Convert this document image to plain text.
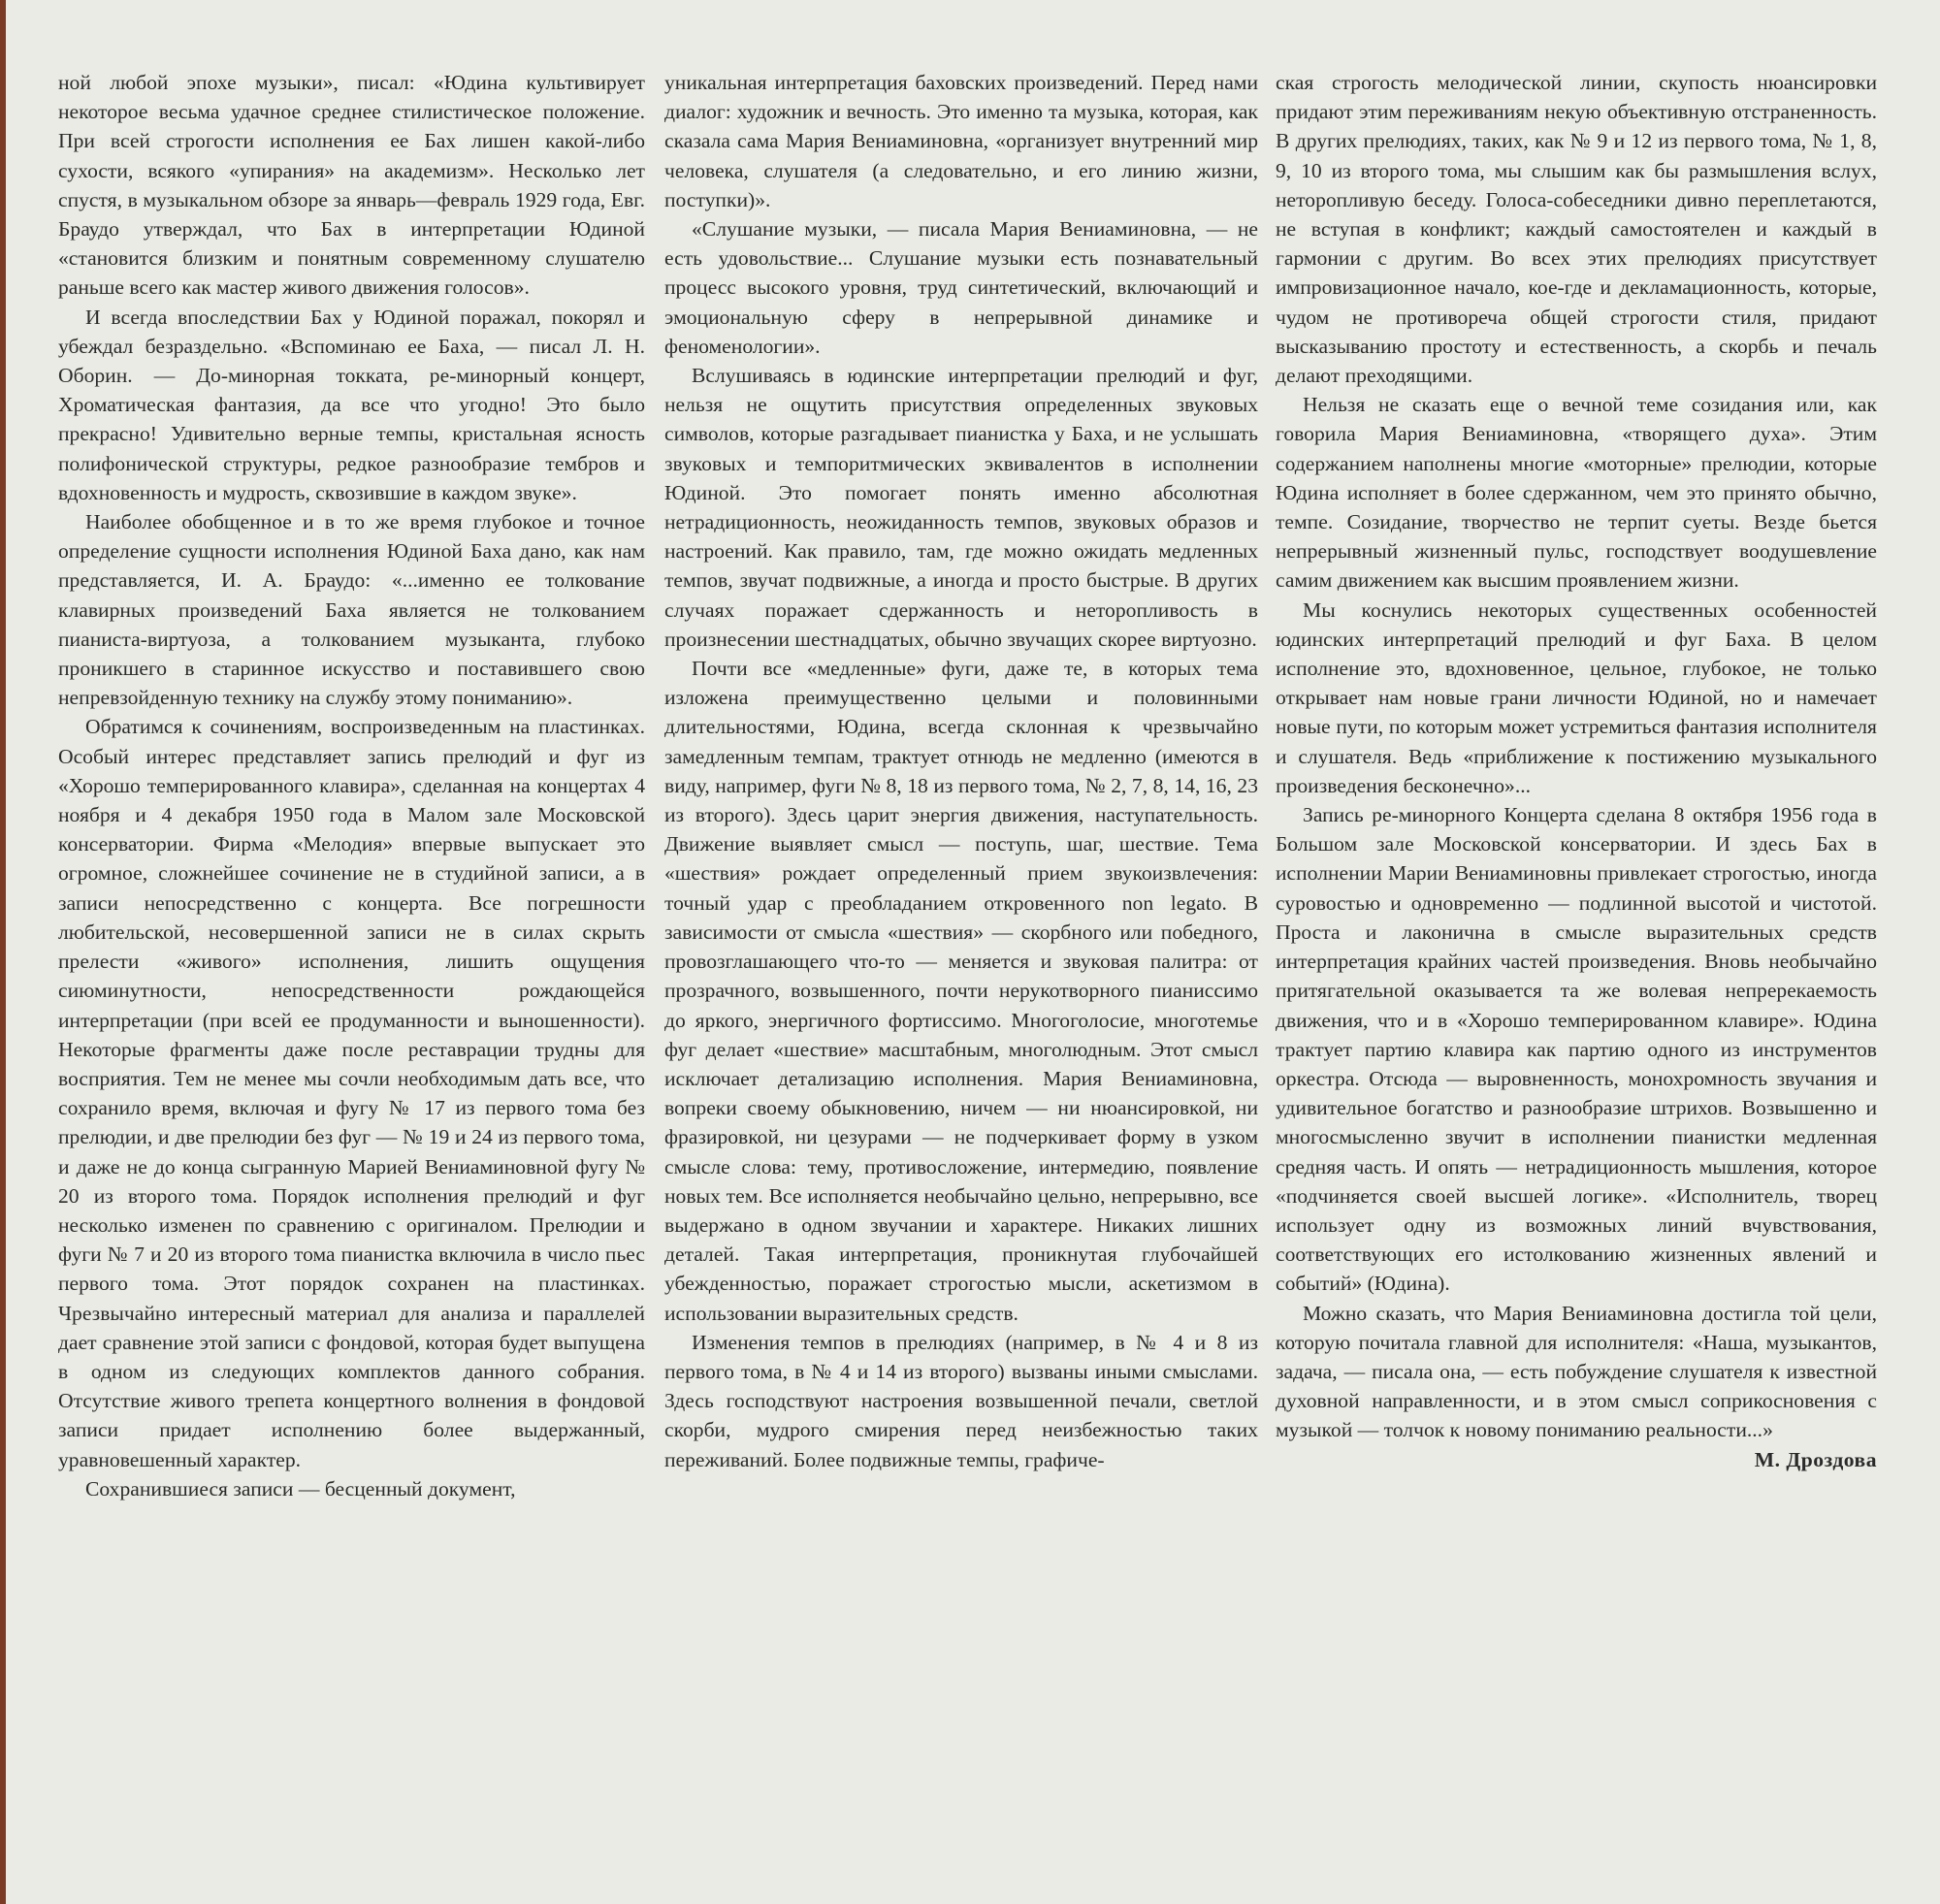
ной любой эпохе музыки», писал: «Юдина культивирует некоторое весьма удачное среднее стилистическое положение. При всей строгости исполнения ее Бах лишен какой-либо сухости, всякого «упирания» на академизм». Несколько лет спустя, в музыкальном обзоре за январь—февраль 1929 года, Евг. Браудо утверждал, что Бах в интерпретации Юдиной «становится близким и понятным современному слушателю раньше всего как мастер живого движения голосов».

И всегда впоследствии Бах у Юдиной поражал, покорял и убеждал безраздельно. «Вспоминаю ее Баха, — писал Л. Н. Оборин. — До-минорная токката, ре-минорный концерт, Хроматическая фантазия, да все что угодно! Это было прекрасно! Удивительно верные темпы, кристальная ясность полифонической структуры, редкое разнообразие тембров и вдохновенность и мудрость, сквозившие в каждом звуке».

Наиболее обобщенное и в то же время глубокое и точное определение сущности исполнения Юдиной Баха дано, как нам представляется, И. А. Браудо: «...именно ее толкование клавирных произведений Баха является не толкованием пианиста-виртуоза, а толкованием музыканта, глубоко проникшего в старинное искусство и поставившего свою непревзойденную технику на службу этому пониманию».

Обратимся к сочинениям, воспроизведенным на пластинках. Особый интерес представляет запись прелюдий и фуг из «Хорошо темперированного клавира», сделанная на концертах 4 ноября и 4 декабря 1950 года в Малом зале Московской консерватории. Фирма «Мелодия» впервые выпускает это огромное, сложнейшее сочинение не в студийной записи, а в записи непосредственно с концерта. Все погрешности любительской, несовершенной записи не в силах скрыть прелести «живого» исполнения, лишить ощущения сиюминутности, непосредственности рождающейся интерпретации (при всей ее продуманности и выношенности). Некоторые фрагменты даже после реставрации трудны для восприятия. Тем не менее мы сочли необходимым дать все, что сохранило время, включая и фугу № 17 из первого тома без прелюдии, и две прелюдии без фуг — № 19 и 24 из первого тома, и даже не до конца сыгранную Марией Вениаминовной фугу № 20 из второго тома. Порядок исполнения прелюдий и фуг несколько изменен по сравнению с оригиналом. Прелюдии и фуги № 7 и 20 из второго тома пианистка включила в число пьес первого тома. Этот порядок сохранен на пластинках. Чрезвычайно интересный материал для анализа и параллелей дает сравнение этой записи с фондовой, которая будет выпущена в одном из следующих комплектов данного собрания. Отсутствие живого трепета концертного волнения в фондовой записи придает исполнению более выдержанный, уравновешенный характер.

Сохранившиеся записи — бесценный документ,

уникальная интерпретация баховских произведений. Перед нами диалог: художник и вечность. Это именно та музыка, которая, как сказала сама Мария Вениаминовна, «организует внутренний мир человека, слушателя (а следовательно, и его линию жизни, поступки)».

«Слушание музыки, — писала Мария Вениаминовна, — не есть удовольствие... Слушание музыки есть познавательный процесс высокого уровня, труд синтетический, включающий и эмоциональную сферу в непрерывной динамике и феноменологии».

Вслушиваясь в юдинские интерпретации прелюдий и фуг, нельзя не ощутить присутствия определенных звуковых символов, которые разгадывает пианистка у Баха, и не услышать звуковых и темпоритмических эквивалентов в исполнении Юдиной. Это помогает понять именно абсолютная нетрадиционность, неожиданность темпов, звуковых образов и настроений. Как правило, там, где можно ожидать медленных темпов, звучат подвижные, а иногда и просто быстрые. В других случаях поражает сдержанность и неторопливость в произнесении шестнадцатых, обычно звучащих скорее виртуозно.

Почти все «медленные» фуги, даже те, в которых тема изложена преимущественно целыми и половинными длительностями, Юдина, всегда склонная к чрезвычайно замедленным темпам, трактует отнюдь не медленно (имеются в виду, например, фуги № 8, 18 из первого тома, № 2, 7, 8, 14, 16, 23 из второго). Здесь царит энергия движения, наступательность. Движение выявляет смысл — поступь, шаг, шествие. Тема «шествия» рождает определенный прием звукоизвлечения: точный удар с преобладанием откровенного non legato. В зависимости от смысла «шествия» — скорбного или победного, провозглашающего что-то — меняется и звуковая палитра: от прозрачного, возвышенного, почти нерукотворного пианиссимо до яркого, энергичного фортиссимо. Многоголосие, многотемье фуг делает «шествие» масштабным, многолюдным. Этот смысл исключает детализацию исполнения. Мария Вениаминовна, вопреки своему обыкновению, ничем — ни нюансировкой, ни фразировкой, ни цезурами — не подчеркивает форму в узком смысле слова: тему, противосложение, интермедию, появление новых тем. Все исполняется необычайно цельно, непрерывно, все выдержано в одном звучании и характере. Никаких лишних деталей. Такая интерпретация, проникнутая глубочайшей убежденностью, поражает строгостью мысли, аскетизмом в использовании выразительных средств.

Изменения темпов в прелюдиях (например, в № 4 и 8 из первого тома, в № 4 и 14 из второго) вызваны иными смыслами. Здесь господствуют настроения возвышенной печали, светлой скорби, мудрого смирения перед неизбежностью таких переживаний. Более подвижные темпы, графиче-

ская строгость мелодической линии, скупость нюансировки придают этим переживаниям некую объективную отстраненность. В других прелюдиях, таких, как № 9 и 12 из первого тома, № 1, 8, 9, 10 из второго тома, мы слышим как бы размышления вслух, неторопливую беседу. Голоса-собеседники дивно переплетаются, не вступая в конфликт; каждый самостоятелен и каждый в гармонии с другим. Во всех этих прелюдиях присутствует импровизационное начало, кое-где и декламационность, которые, чудом не противореча общей строгости стиля, придают высказыванию простоту и естественность, а скорбь и печаль делают преходящими.

Нельзя не сказать еще о вечной теме созидания или, как говорила Мария Вениаминовна, «творящего духа». Этим содержанием наполнены многие «моторные» прелюдии, которые Юдина исполняет в более сдержанном, чем это принято обычно, темпе. Созидание, творчество не терпит суеты. Везде бьется непрерывный жизненный пульс, господствует воодушевление самим движением как высшим проявлением жизни.

Мы коснулись некоторых существенных особенностей юдинских интерпретаций прелюдий и фуг Баха. В целом исполнение это, вдохновенное, цельное, глубокое, не только открывает нам новые грани личности Юдиной, но и намечает новые пути, по которым может устремиться фантазия исполнителя и слушателя. Ведь «приближение к постижению музыкального произведения бесконечно»...

Запись ре-минорного Концерта сделана 8 октября 1956 года в Большом зале Московской консерватории. И здесь Бах в исполнении Марии Вениаминовны привлекает строгостью, иногда суровостью и одновременно — подлинной высотой и чистотой. Проста и лаконична в смысле выразительных средств интерпретация крайних частей произведения. Вновь необычайно притягательной оказывается та же волевая непререкаемость движения, что и в «Хорошо темперированном клавире». Юдина трактует партию клавира как партию одного из инструментов оркестра. Отсюда — выровненность, монохромность звучания и удивительное богатство и разнообразие штрихов. Возвышенно и многосмысленно звучит в исполнении пианистки медленная средняя часть. И опять — нетрадиционность мышления, которое «подчиняется своей высшей логике». «Исполнитель, творец использует одну из возможных линий вчувствования, соответствующих его истолкованию жизненных явлений и событий» (Юдина).

Можно сказать, что Мария Вениаминовна достигла той цели, которую почитала главной для исполнителя: «Наша, музыкантов, задача, — писала она, — есть побуждение слушателя к известной духовной направленности, и в этом смысл соприкосновения с музыкой — толчок к новому пониманию реальности...»

М. Дроздова
